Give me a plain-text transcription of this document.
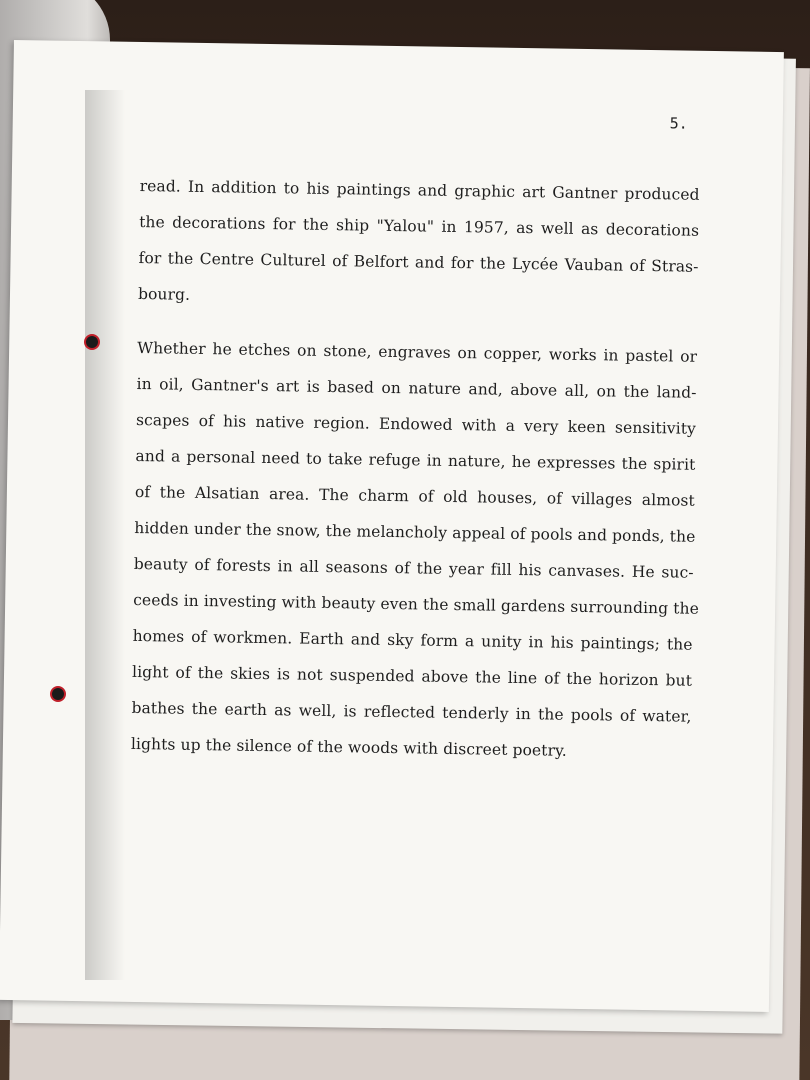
5.
read. In addition to his paintings and graphic art Gantner produced
the decorations for the ship "Yalou" in 1957, as well as decorations
for the Centre Culturel of Belfort and for the Lycée Vauban of Stras-
bourg.
Whether he etches on stone, engraves on copper, works in pastel or
in oil, Gantner's art is based on nature and, above all, on the land-
scapes of his native region. Endowed with a very keen sensitivity
and a personal need to take refuge in nature, he expresses the spirit
of the Alsatian area. The charm of old houses, of villages almost
hidden under the snow, the melancholy appeal of pools and ponds, the
beauty of forests in all seasons of the year fill his canvases. He suc-
ceeds in investing with beauty even the small gardens surrounding the
homes of workmen. Earth and sky form a unity in his paintings; the
light of the skies is not suspended above the line of the horizon but
bathes the earth as well, is reflected tenderly in the pools of water,
lights up the silence of the woods with discreet poetry.
